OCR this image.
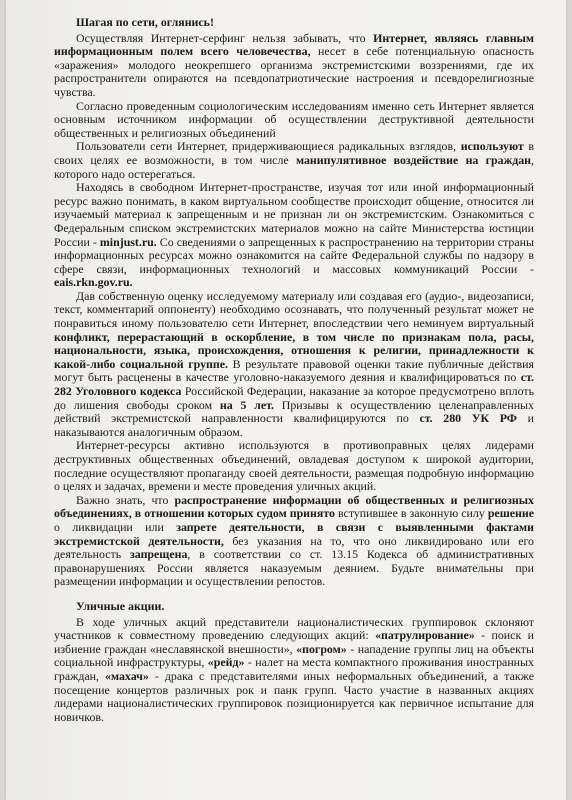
Шагая по сети, оглянись!

Осуществляя Интернет-серфинг нельзя забывать, что Интернет, являясь главным информационным полем всего человечества, несет в себе потенциальную опасность «заражения» молодого неокрепшего организма экстремистскими воззрениями, где их распространители опираются на псевдопатриотические настроения и псевдорелигиозные чувства.

Согласно проведенным социологическим исследованиям именно сеть Интернет является основным источником информации об осуществлении деструктивной деятельности общественных и религиозных объединений

Пользователи сети Интернет, придерживающиеся радикальных взглядов, используют в своих целях ее возможности, в том числе манипулятивное воздействие на граждан, которого надо остерегаться.

Находясь в свободном Интернет-пространстве, изучая тот или иной информационный ресурс важно понимать, в каком виртуальном сообществе происходит общение, относится ли изучаемый материал к запрещенным и не признан ли он экстремистским. Ознакомиться с Федеральным списком экстремистских материалов можно на сайте Министерства юстиции России - minjust.ru. Со сведениями о запрещенных к распространению на территории страны информационных ресурсах можно ознакомится на сайте Федеральной службы по надзору в сфере связи, информационных технологий и массовых коммуникаций России - eais.rkn.gov.ru.

Дав собственную оценку исследуемому материалу или создавая его (аудио-, видеозаписи, текст, комментарий оппоненту) необходимо осознавать, что полученный результат может не понравиться иному пользователю сети Интернет, впоследствии чего неминуем виртуальный конфликт, перерастающий в оскорбление, в том числе по признакам пола, расы, национальности, языка, происхождения, отношения к религии, принадлежности к какой-либо социальной группе. В результате правовой оценки такие публичные действия могут быть расценены в качестве уголовно-наказуемого деяния и квалифицироваться по ст. 282 Уголовного кодекса Российской Федерации, наказание за которое предусмотрено вплоть до лишения свободы сроком на 5 лет. Призывы к осуществлению целенаправленных действий экстремистской направленности квалифицируются по ст. 280 УК РФ и наказываются аналогичным образом.

Интернет-ресурсы активно используются в противоправных целях лидерами деструктивных общественных объединений, овладевая доступом к широкой аудитории, последние осуществляют пропаганду своей деятельности, размещая подробную информацию о целях и задачах, времени и месте проведения уличных акций.

Важно знать, что распространение информации об общественных и религиозных объединениях, в отношении которых судом принято вступившее в законную силу решение о ликвидации или запрете деятельности, в связи с выявленными фактами экстремистской деятельности, без указания на то, что оно ликвидировано или его деятельность запрещена, в соответствии со ст. 13.15 Кодекса об административных правонарушениях России является наказуемым деянием. Будьте внимательны при размещении информации и осуществлении репостов.

Уличные акции.

В ходе уличных акций представители националистических группировок склоняют участников к совместному проведению следующих акций: «патрулирование» - поиск и избиение граждан «неславянской внешности», «погром» - нападение группы лиц на объекты социальной инфраструктуры, «рейд» - налет на места компактного проживания иностранных граждан, «махач» - драка с представителями иных неформальных объединений, а также посещение концертов различных рок и панк групп. Часто участие в названных акциях лидерами националистических группировок позиционируется как первичное испытание для новичков.
